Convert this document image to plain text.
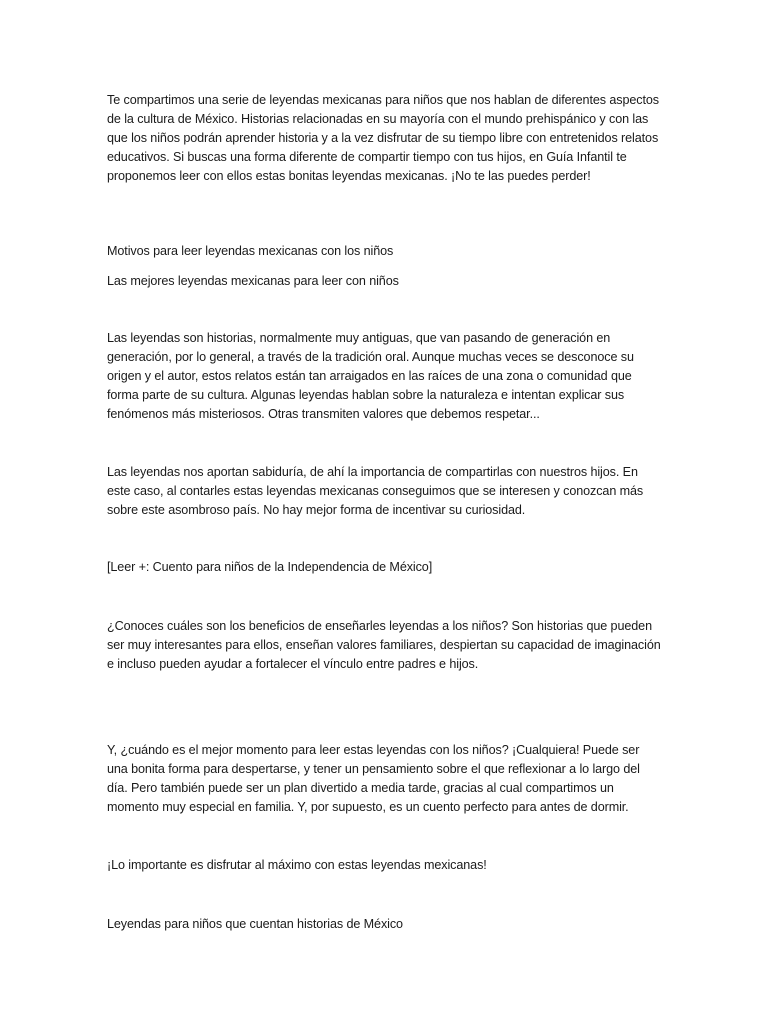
Te compartimos una serie de leyendas mexicanas para niños que nos hablan de diferentes aspectos de la cultura de México. Historias relacionadas en su mayoría con el mundo prehispánico y con las que los niños podrán aprender historia y a la vez disfrutar de su tiempo libre con entretenidos relatos educativos. Si buscas una forma diferente de compartir tiempo con tus hijos, en Guía Infantil te proponemos leer con ellos estas bonitas leyendas mexicanas. ¡No te las puedes perder!

Motivos para leer leyendas mexicanas con los niños

Las mejores leyendas mexicanas para leer con niños

Las leyendas son historias, normalmente muy antiguas, que van pasando de generación en generación, por lo general, a través de la tradición oral. Aunque muchas veces se desconoce su origen y el autor, estos relatos están tan arraigados en las raíces de una zona o comunidad que forma parte de su cultura. Algunas leyendas hablan sobre la naturaleza e intentan explicar sus fenómenos más misteriosos. Otras transmiten valores que debemos respetar...

Las leyendas nos aportan sabiduría, de ahí la importancia de compartirlas con nuestros hijos. En este caso, al contarles estas leyendas mexicanas conseguimos que se interesen y conozcan más sobre este asombroso país. No hay mejor forma de incentivar su curiosidad.

[Leer +: Cuento para niños de la Independencia de México]

¿Conoces cuáles son los beneficios de enseñarles leyendas a los niños? Son historias que pueden ser muy interesantes para ellos, enseñan valores familiares, despiertan su capacidad de imaginación e incluso pueden ayudar a fortalecer el vínculo entre padres e hijos.

Y, ¿cuándo es el mejor momento para leer estas leyendas con los niños? ¡Cualquiera! Puede ser una bonita forma para despertarse, y tener un pensamiento sobre el que reflexionar a lo largo del día. Pero también puede ser un plan divertido a media tarde, gracias al cual compartimos un momento muy especial en familia. Y, por supuesto, es un cuento perfecto para antes de dormir.

¡Lo importante es disfrutar al máximo con estas leyendas mexicanas!

Leyendas para niños que cuentan historias de México
